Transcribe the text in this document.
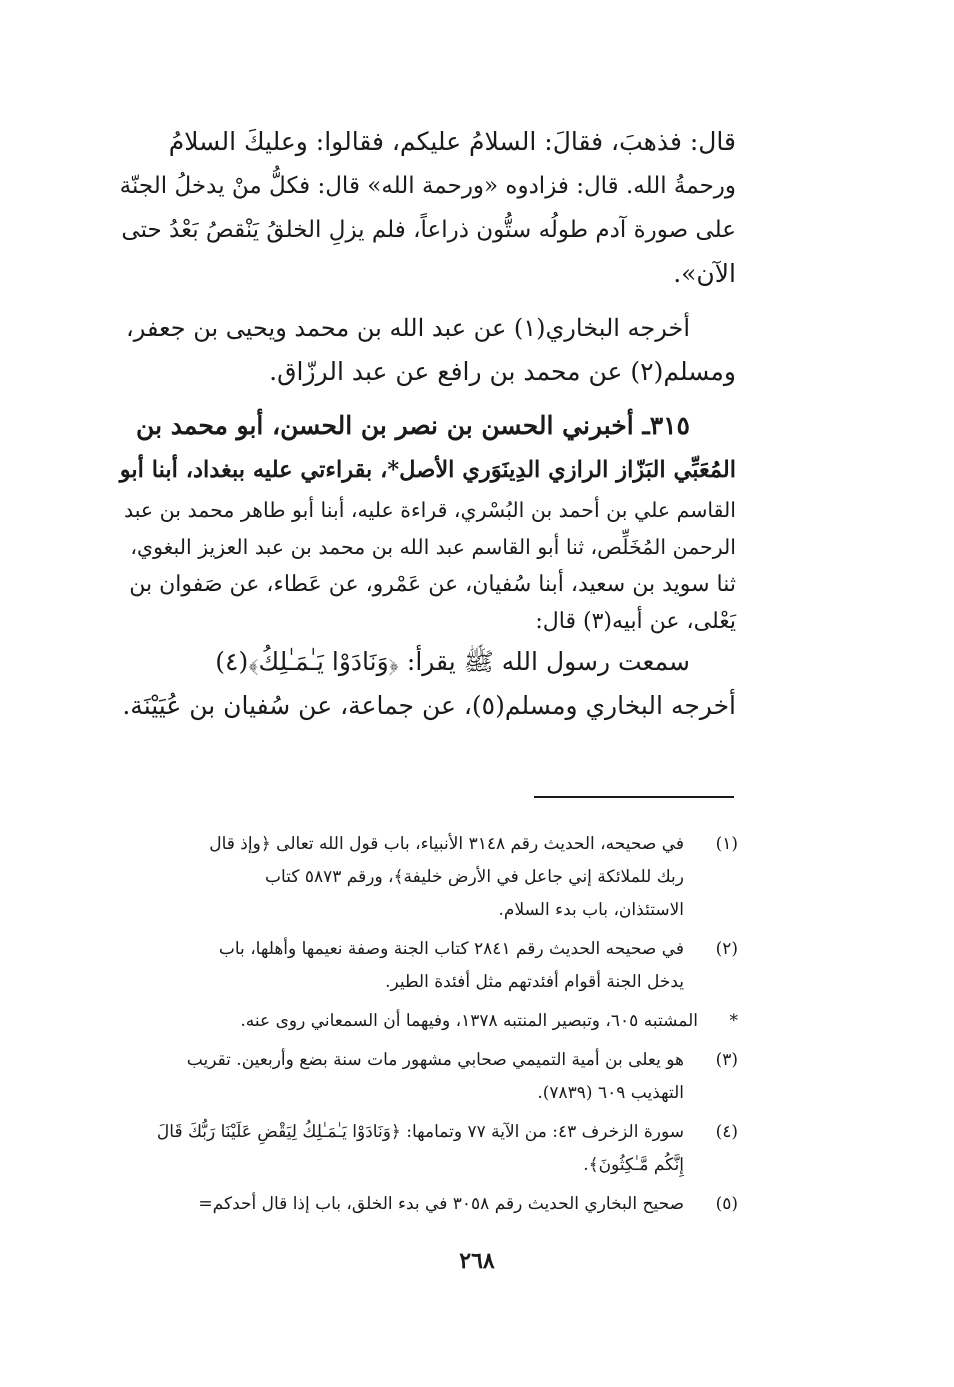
قال: فذهبَ، فقالَ: السلامُ عليكم، فقالوا: وعليكَ السلامُ
ورحمةُ الله. قال: فزادوه «ورحمة الله» قال: فكلُّ منْ يدخلُ الجنّة
على صورة آدم طولُه ستُّون ذراعاً، فلم يزلِ الخلقُ يَنْقصُ بَعْدُ حتى
الآن».
أخرجه البخاري(١) عن عبد الله بن محمد ويحيى بن جعفر،
ومسلم(٢) عن محمد بن رافع عن عبد الرزّاق.
٣١٥ـ أخبرني الحسن بن نصر بن الحسن، أبو محمد بن
المُعَبِّي البَزّاز الرازي الدِينَوَري الأصل*، بقراءتي عليه ببغداد، أبنا أبو
القاسم علي بن أحمد بن البُسْري، قراءة عليه، أبنا أبو طاهر محمد بن عبد
الرحمن المُخَلِّص، ثنا أبو القاسم عبد الله بن محمد بن عبد العزيز البغوي،
ثنا سويد بن سعيد، أبنا سُفيان، عن عَمْرو، عن عَطاء، عن صَفوان بن
يَعْلى، عن أبيه(٣) قال:
سمعت رسول الله ﷺ يقرأ: ﴿وَنَادَوْا يَـٰمَـٰلِكُ﴾(٤)
أخرجه البخاري ومسلم(٥)، عن جماعة، عن سُفيان بن عُيَيْنَة.
(١)
في صحيحه، الحديث رقم ٣١٤٨ الأنبياء، باب قول الله تعالى ﴿وإذ قال
ربك للملائكة إني جاعل في الأرض خليفة﴾، ورقم ٥٨٧٣ كتاب
الاستئذان، باب بدء السلام.
(٢)
في صحيحه الحديث رقم ٢٨٤١ كتاب الجنة وصفة نعيمها وأهلها، باب
يدخل الجنة أقوام أفئدتهم مثل أفئدة الطير.
*
المشتبه ٦٠٥، وتبصير المنتبه ١٣٧٨، وفيهما أن السمعاني روى عنه.
(٣)
هو يعلى بن أمية التميمي صحابي مشهور مات سنة بضع وأربعين. تقريب
التهذيب ٦٠٩ (٧٨٣٩).
(٤)
سورة الزخرف ٤٣: من الآية ٧٧ وتمامها: ﴿وَنَادَوْا يَـٰمَـٰلِكُ لِيَقْضِ عَلَيْنَا رَبُّكَ قَالَ
إِنَّكُم مَّـٰكِثُونَ﴾.
(٥)
صحيح البخاري الحديث رقم ٣٠٥٨ في بدء الخلق، باب إذا قال أحدكم=
٢٦٨
